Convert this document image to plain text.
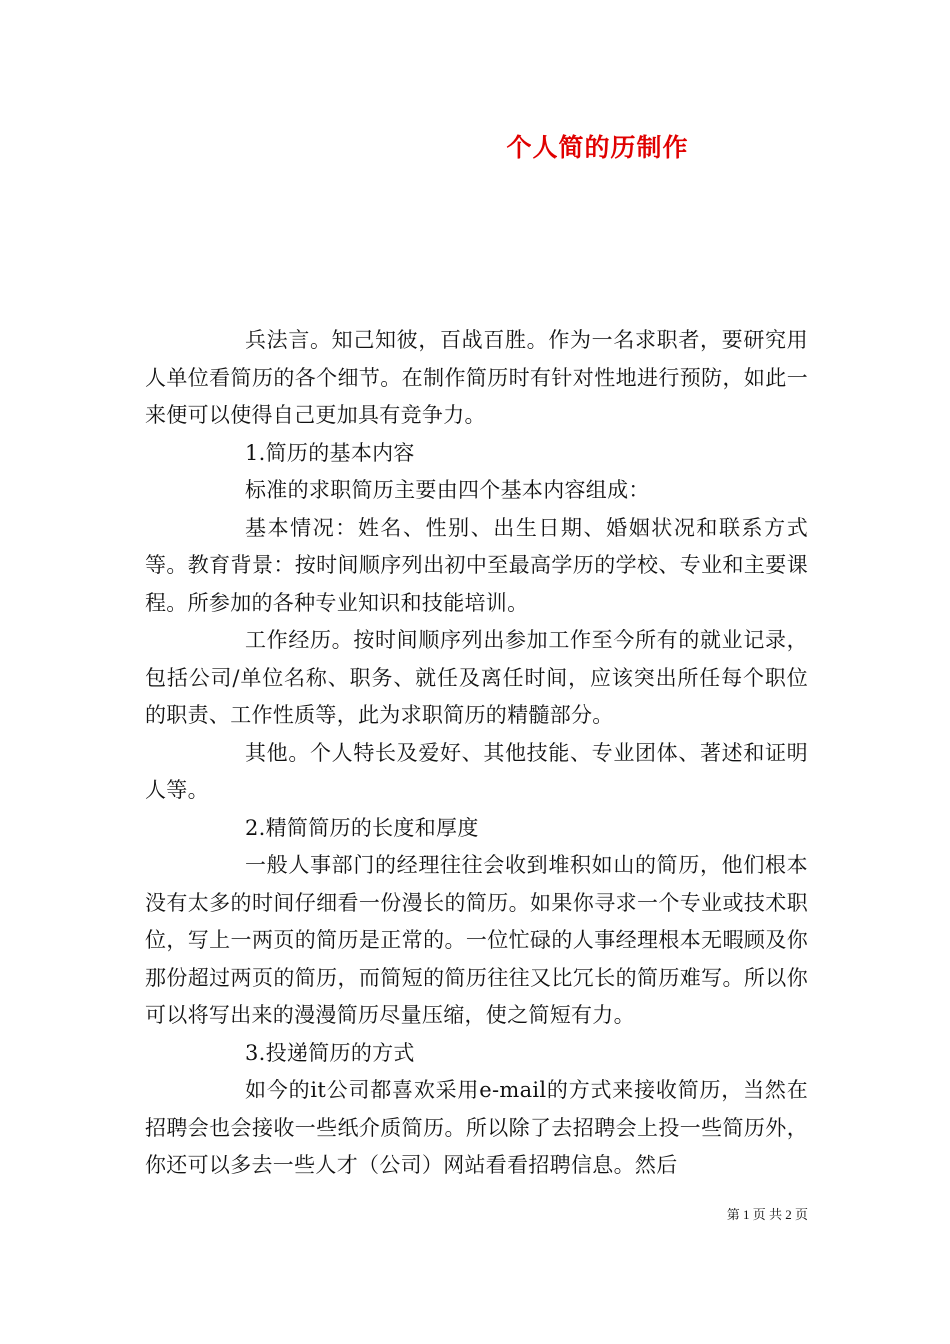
个人简的历制作

兵法言。知己知彼，百战百胜。作为一名求职者，要研究用人单位看简历的各个细节。在制作简历时有针对性地进行预防，如此一来便可以使得自己更加具有竞争力。

1.简历的基本内容

标准的求职简历主要由四个基本内容组成：

基本情况：姓名、性别、出生日期、婚姻状况和联系方式等。教育背景：按时间顺序列出初中至最高学历的学校、专业和主要课程。所参加的各种专业知识和技能培训。

工作经历。按时间顺序列出参加工作至今所有的就业记录，包括公司/单位名称、职务、就任及离任时间，应该突出所任每个职位的职责、工作性质等，此为求职简历的精髓部分。

其他。个人特长及爱好、其他技能、专业团体、著述和证明人等。

2.精简简历的长度和厚度

一般人事部门的经理往往会收到堆积如山的简历，他们根本没有太多的时间仔细看一份漫长的简历。如果你寻求一个专业或技术职位，写上一两页的简历是正常的。一位忙碌的人事经理根本无暇顾及你那份超过两页的简历，而简短的简历往往又比冗长的简历难写。所以你可以将写出来的漫漫简历尽量压缩，使之简短有力。

3.投递简历的方式

如今的it公司都喜欢采用e-mail的方式来接收简历，当然在招聘会也会接收一些纸介质简历。所以除了去招聘会上投一些简历外，你还可以多去一些人才（公司）网站看看招聘信息。然后

第 1 页 共 2 页
